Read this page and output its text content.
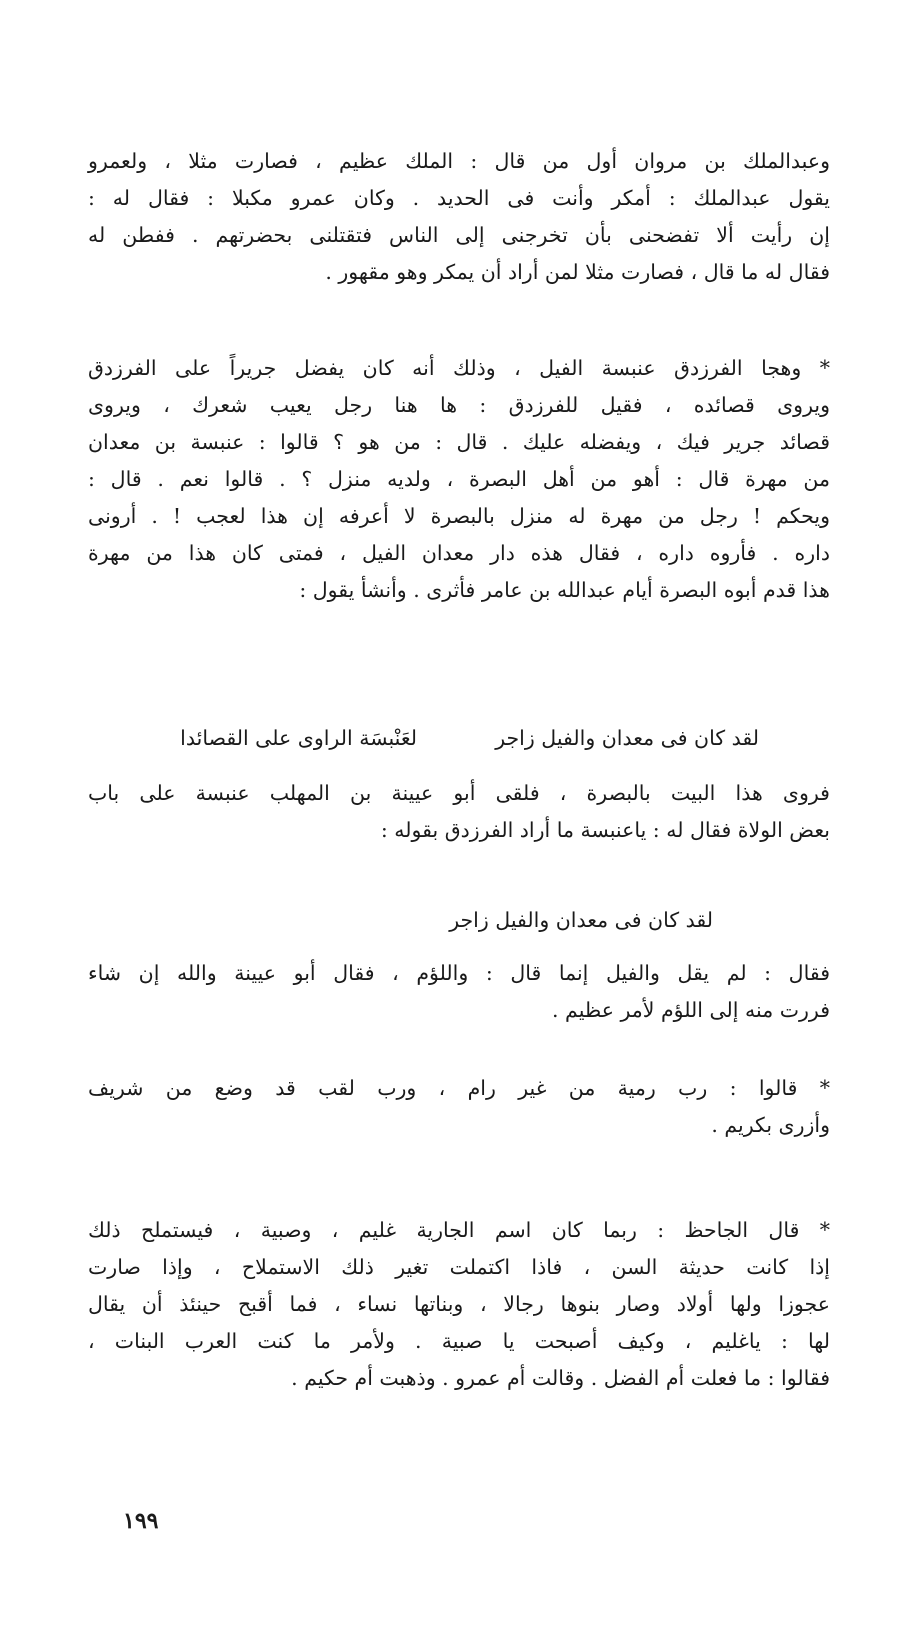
وعبدالملك بن مروان أول من قال : الملك عظيم ، فصارت مثلا ، ولعمرو
يقول عبدالملك : أمكر وأنت فى الحديد . وكان عمرو مكبلا : فقال له :
إن رأيت ألا تفضحنى بأن تخرجنى إلى الناس فتقتلنى بحضرتهم . ففطن له
فقال له ما قال ، فصارت مثلا لمن أراد أن يمكر وهو مقهور .
* وهجا الفرزدق عنبسة الفيل ، وذلك أنه كان يفضل جريراً على الفرزدق
ويروى قصائده ، فقيل للفرزدق : ها هنا رجل يعيب شعرك ، ويروى
قصائد جرير فيك ، ويفضله عليك . قال : من هو ؟ قالوا : عنبسة بن معدان
من مهرة قال : أهو من أهل البصرة ، ولديه منزل ؟ . قالوا نعم . قال :
ويحكم ! رجل من مهرة له منزل بالبصرة لا أعرفه إن هذا لعجب ! . أرونى
داره . فأروه داره ، فقال هذه دار معدان الفيل ، فمتى كان هذا من مهرة
هذا قدم أبوه البصرة أيام عبدالله بن عامر فأثرى . وأنشأ يقول :
لقد كان فى معدان والفيل زاجر
لعَنْبسَة الراوى على القصائدا
فروى هذا البيت بالبصرة ، فلقى أبو عيينة بن المهلب عنبسة على باب
بعض الولاة فقال له : ياعنبسة ما أراد الفرزدق بقوله :
لقد كان فى معدان والفيل زاجر
فقال : لم يقل والفيل إنما قال : واللؤم ، فقال أبو عيينة والله إن شاء
فررت منه إلى اللؤم لأمر عظيم .
* قالوا : رب رمية من غير رام ، ورب لقب قد وضع من شريف
وأزرى بكريم .
* قال الجاحظ : ربما كان اسم الجارية غليم ، وصبية ، فيستملح ذلك
إذا كانت حديثة السن ، فاذا اكتملت تغير ذلك الاستملاح ، وإذا صارت
عجوزا ولها أولاد وصار بنوها رجالا ، وبناتها نساء ، فما أقبح حينئذ أن يقال
لها : ياغليم ، وكيف أصبحت يا صبية . ولأمر ما كنت العرب البنات ،
فقالوا : ما فعلت أم الفضل . وقالت أم عمرو . وذهبت أم حكيم .
١٩٩
